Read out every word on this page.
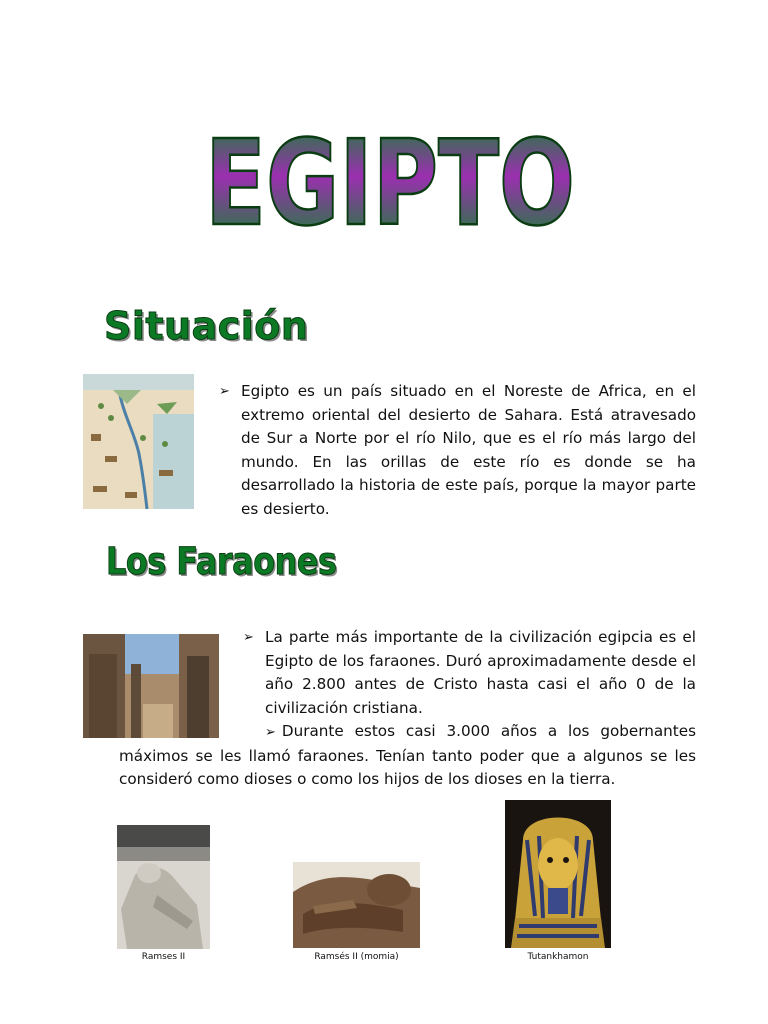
EGIPTO
Situación
➢ Egipto es un país situado en el Noreste de Africa, en el extremo oriental del desierto de Sahara. Está atravesado de Sur a Norte por el río Nilo, que es el río más largo del mundo. En las orillas de este río es donde se ha desarrollado la historia de este país, porque la mayor parte es desierto.
Los Faraones
➢ La parte más importante de la civilización egipcia es el Egipto de los faraones. Duró aproximadamente desde el año 2.800 antes de Cristo hasta casi el año 0 de la civilización cristiana.
➢ Durante estos casi 3.000 años a los gobernantes máximos se les llamó faraones. Tenían tanto poder que a algunos se les consideró como dioses o como los hijos de los dioses en la tierra.
Ramses II	Ramsés II (momia)	Tutankhamon
